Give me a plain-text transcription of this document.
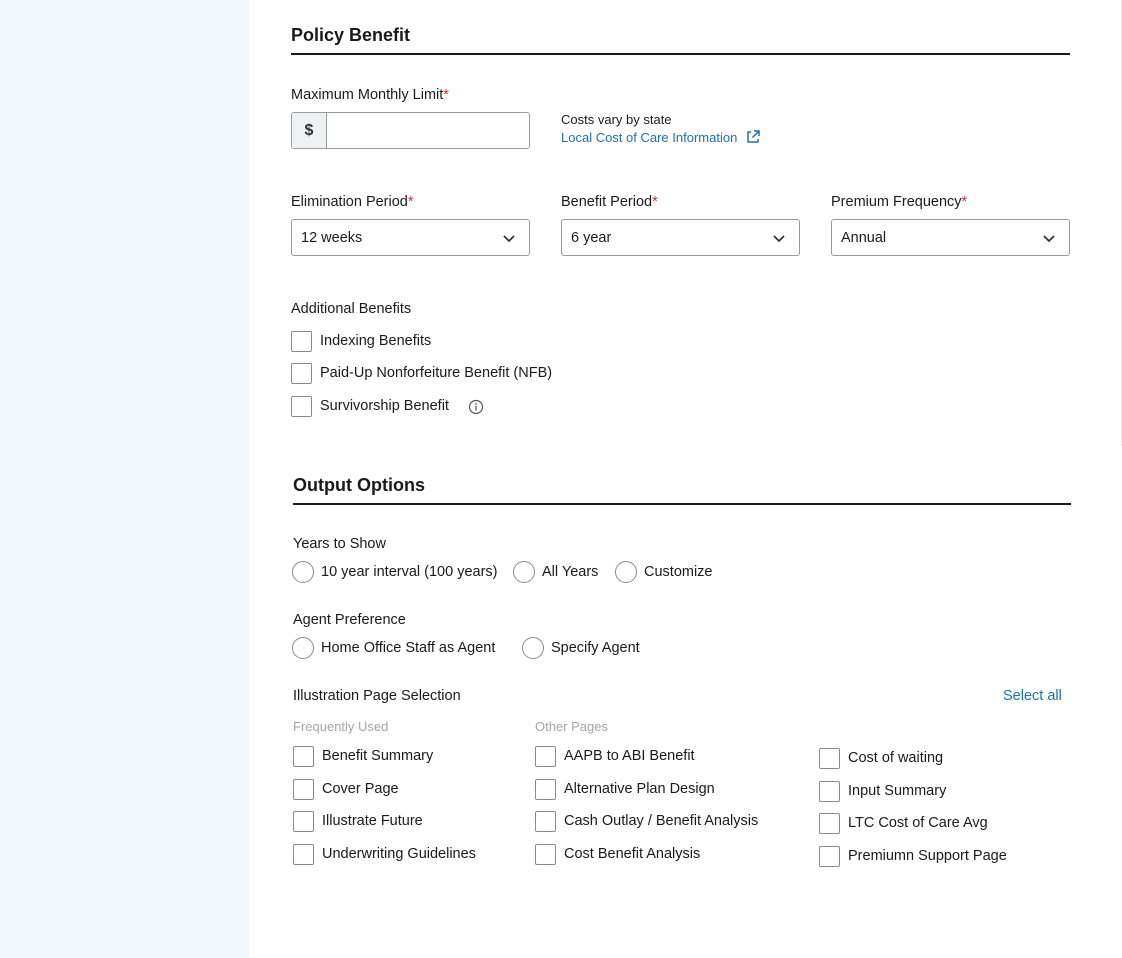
Policy Benefit
Maximum Monthly Limit*
$
Costs vary by state
Local Cost of Care Information
Elimination Period*
12 weeks
Benefit Period*
6 year
Premium Frequency*
Annual
Additional Benefits
Indexing Benefits
Paid-Up Nonforfeiture Benefit (NFB)
Survivorship Benefit
Output Options
Years to Show
10 year interval (100 years)	All Years	Customize
Agent Preference
Home Office Staff as Agent	Specify Agent
Illustration Page Selection	Select all
Frequently Used	Other Pages
Benefit Summary
Cover Page
Illustrate Future
Underwriting Guidelines
AAPB to ABI Benefit
Alternative Plan Design
Cash Outlay / Benefit Analysis
Cost Benefit Analysis
Cost of waiting
Input Summary
LTC Cost of Care Avg
Premiumn Support Page
